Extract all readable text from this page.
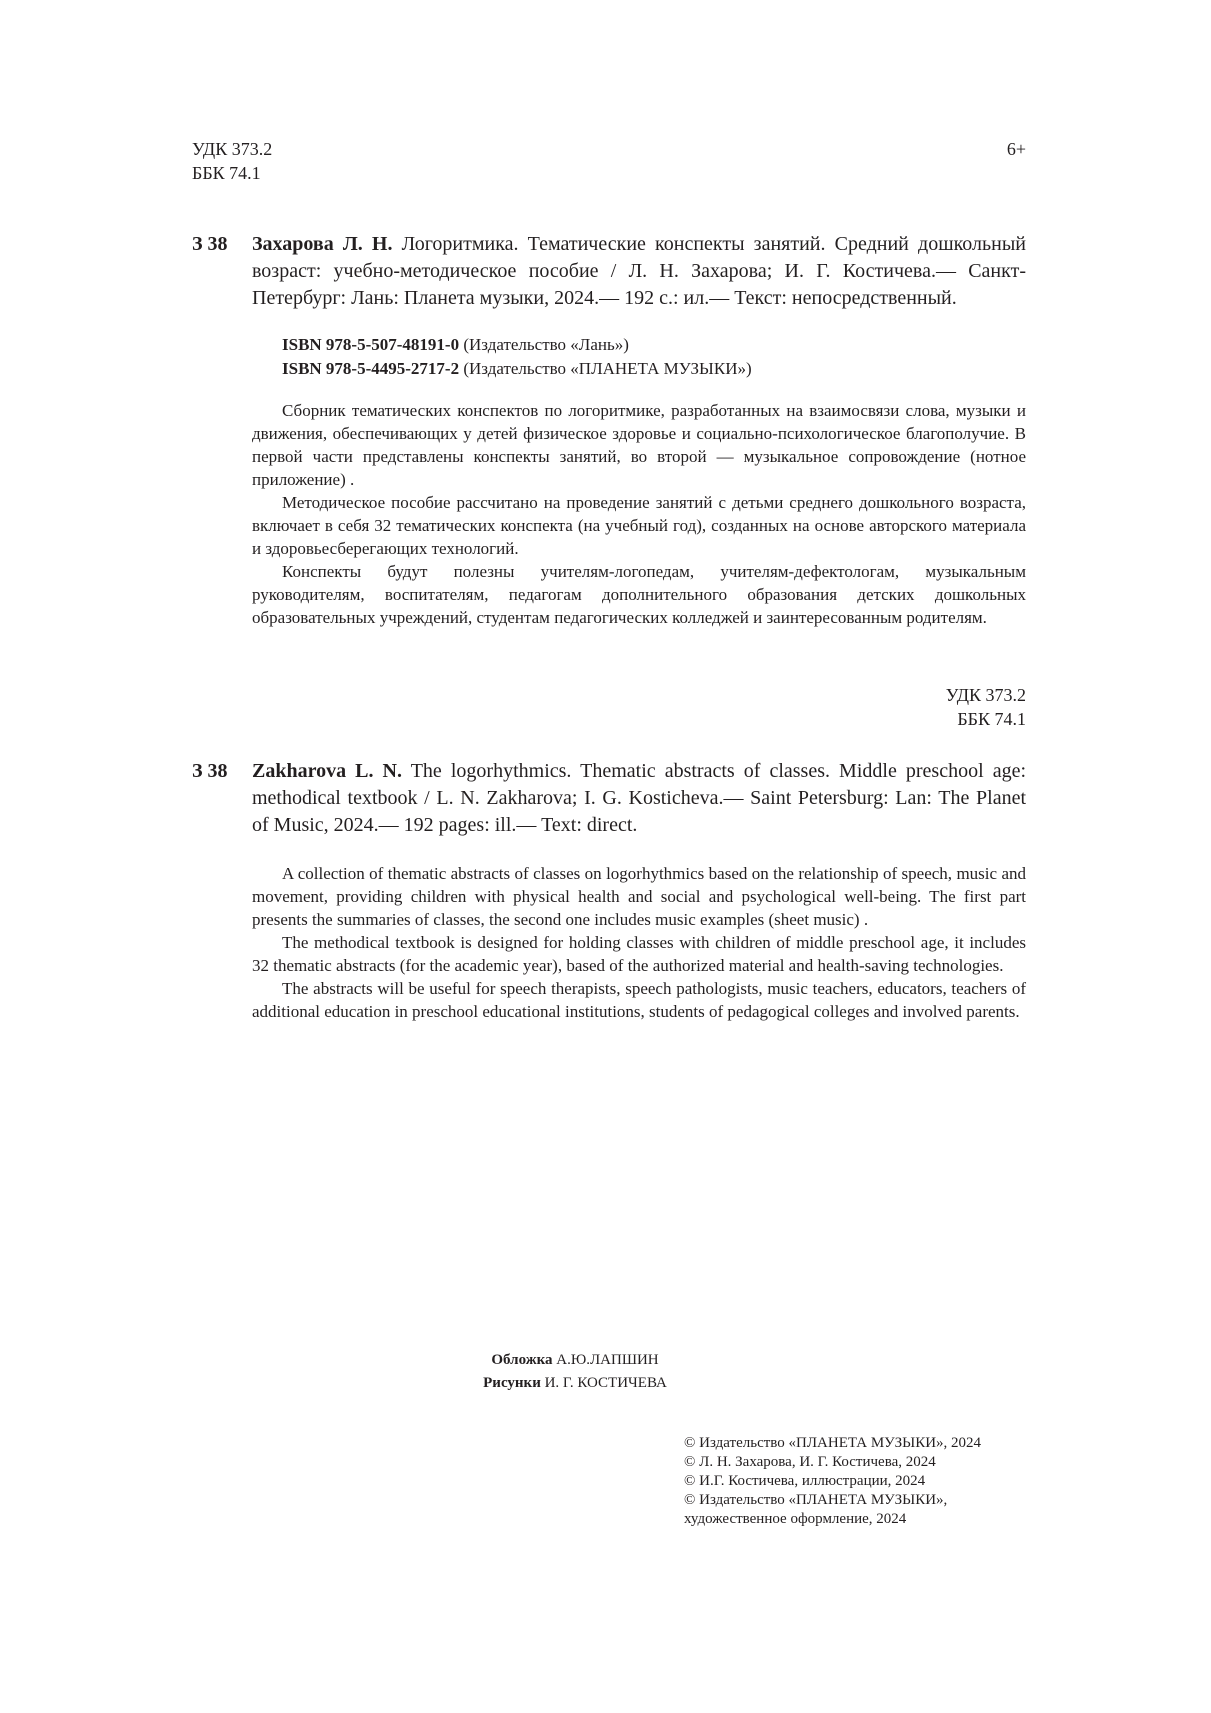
УДК 373.2
ББК 74.1
6+
З 38 Захарова Л. Н. Логоритмика. Тематические конспекты занятий. Средний дошкольный возраст: учебно-методическое пособие / Л. Н. Захарова; И. Г. Костичева.— Санкт-Петербург: Лань: Планета музыки, 2024.— 192 с.: ил.— Текст: непосредственный.
ISBN 978-5-507-48191-0 (Издательство «Лань»)
ISBN 978-5-4495-2717-2 (Издательство «ПЛАНЕТА МУЗЫКИ»)

Сборник тематических конспектов по логоритмике, разработанных на взаимосвязи слова, музыки и движения, обеспечивающих у детей физическое здоровье и социально-психологическое благополучие. В первой части представлены конспекты занятий, во второй — музыкальное сопровождение (нотное приложение) .

Методическое пособие рассчитано на проведение занятий с детьми среднего дошкольного возраста, включает в себя 32 тематических конспекта (на учебный год), созданных на основе авторского материала и здоровьесберегающих технологий.

Конспекты будут полезны учителям-логопедам, учителям-дефектологам, музыкальным руководителям, воспитателям, педагогам дополнительного образования детских дошкольных образовательных учреждений, студентам педагогических колледжей и заинтересованным родителям.

УДК 373.2
ББК 74.1
З 38 Zakharova L. N. The logorhythmics. Thematic abstracts of classes. Middle preschool age: methodical textbook / L. N. Zakharova; I. G. Kosticheva.— Saint Petersburg: Lan: The Planet of Music, 2024.— 192 pages: ill.— Text: direct.

A collection of thematic abstracts of classes on logorhythmics based on the relationship of speech, music and movement, providing children with physical health and social and psychological well-being. The first part presents the summaries of classes, the second one includes music examples (sheet music) .

The methodical textbook is designed for holding classes with children of middle preschool age, it includes 32 thematic abstracts (for the academic year), based of the authorized material and health-saving technologies.

The abstracts will be useful for speech therapists, speech pathologists, music teachers, educators, teachers of additional education in preschool educational institutions, students of pedagogical colleges and involved parents.

Обложка А.Ю.ЛАПШИН
Рисунки И. Г. КОСТИЧЕВА
© Издательство «ПЛАНЕТА МУЗЫКИ», 2024
© Л. Н. Захарова, И. Г. Костичева, 2024
© И.Г. Костичева, иллюстрации, 2024
© Издательство «ПЛАНЕТА МУЗЫКИ»,
художественное оформление, 2024
